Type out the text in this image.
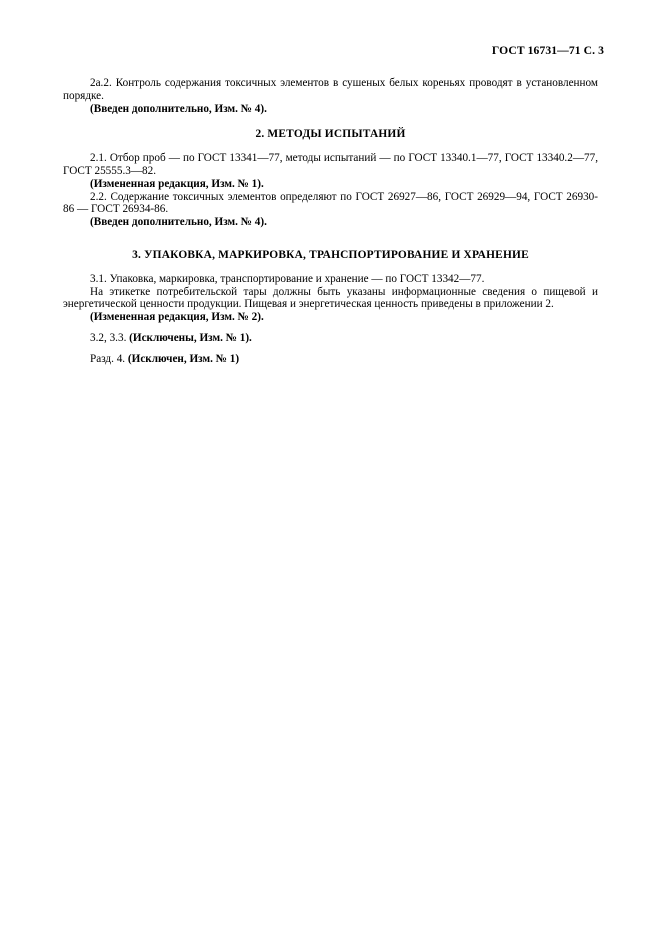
ГОСТ 16731—71 С. 3

2а.2. Контроль содержания токсичных элементов в сушеных белых кореньях проводят в установленном порядке.

(Введен дополнительно, Изм. № 4).

2. МЕТОДЫ ИСПЫТАНИЙ

2.1. Отбор проб — по ГОСТ 13341—77, методы испытаний — по ГОСТ 13340.1—77, ГОСТ 13340.2—77, ГОСТ 25555.3—82.

(Измененная редакция, Изм. № 1).

2.2. Содержание токсичных элементов определяют по ГОСТ 26927—86, ГОСТ 26929—94, ГОСТ 26930-86 — ГОСТ 26934-86.

(Введен дополнительно, Изм. № 4).

3. УПАКОВКА, МАРКИРОВКА, ТРАНСПОРТИРОВАНИЕ И ХРАНЕНИЕ

3.1. Упаковка, маркировка, транспортирование и хранение — по ГОСТ 13342—77.

На этикетке потребительской тары должны быть указаны информационные сведения о пищевой и энергетической ценности продукции. Пищевая и энергетическая ценность приведены в приложении 2.

(Измененная редакция, Изм. № 2).

3.2, 3.3. (Исключены, Изм. № 1).

Разд. 4. (Исключен, Изм. № 1)
